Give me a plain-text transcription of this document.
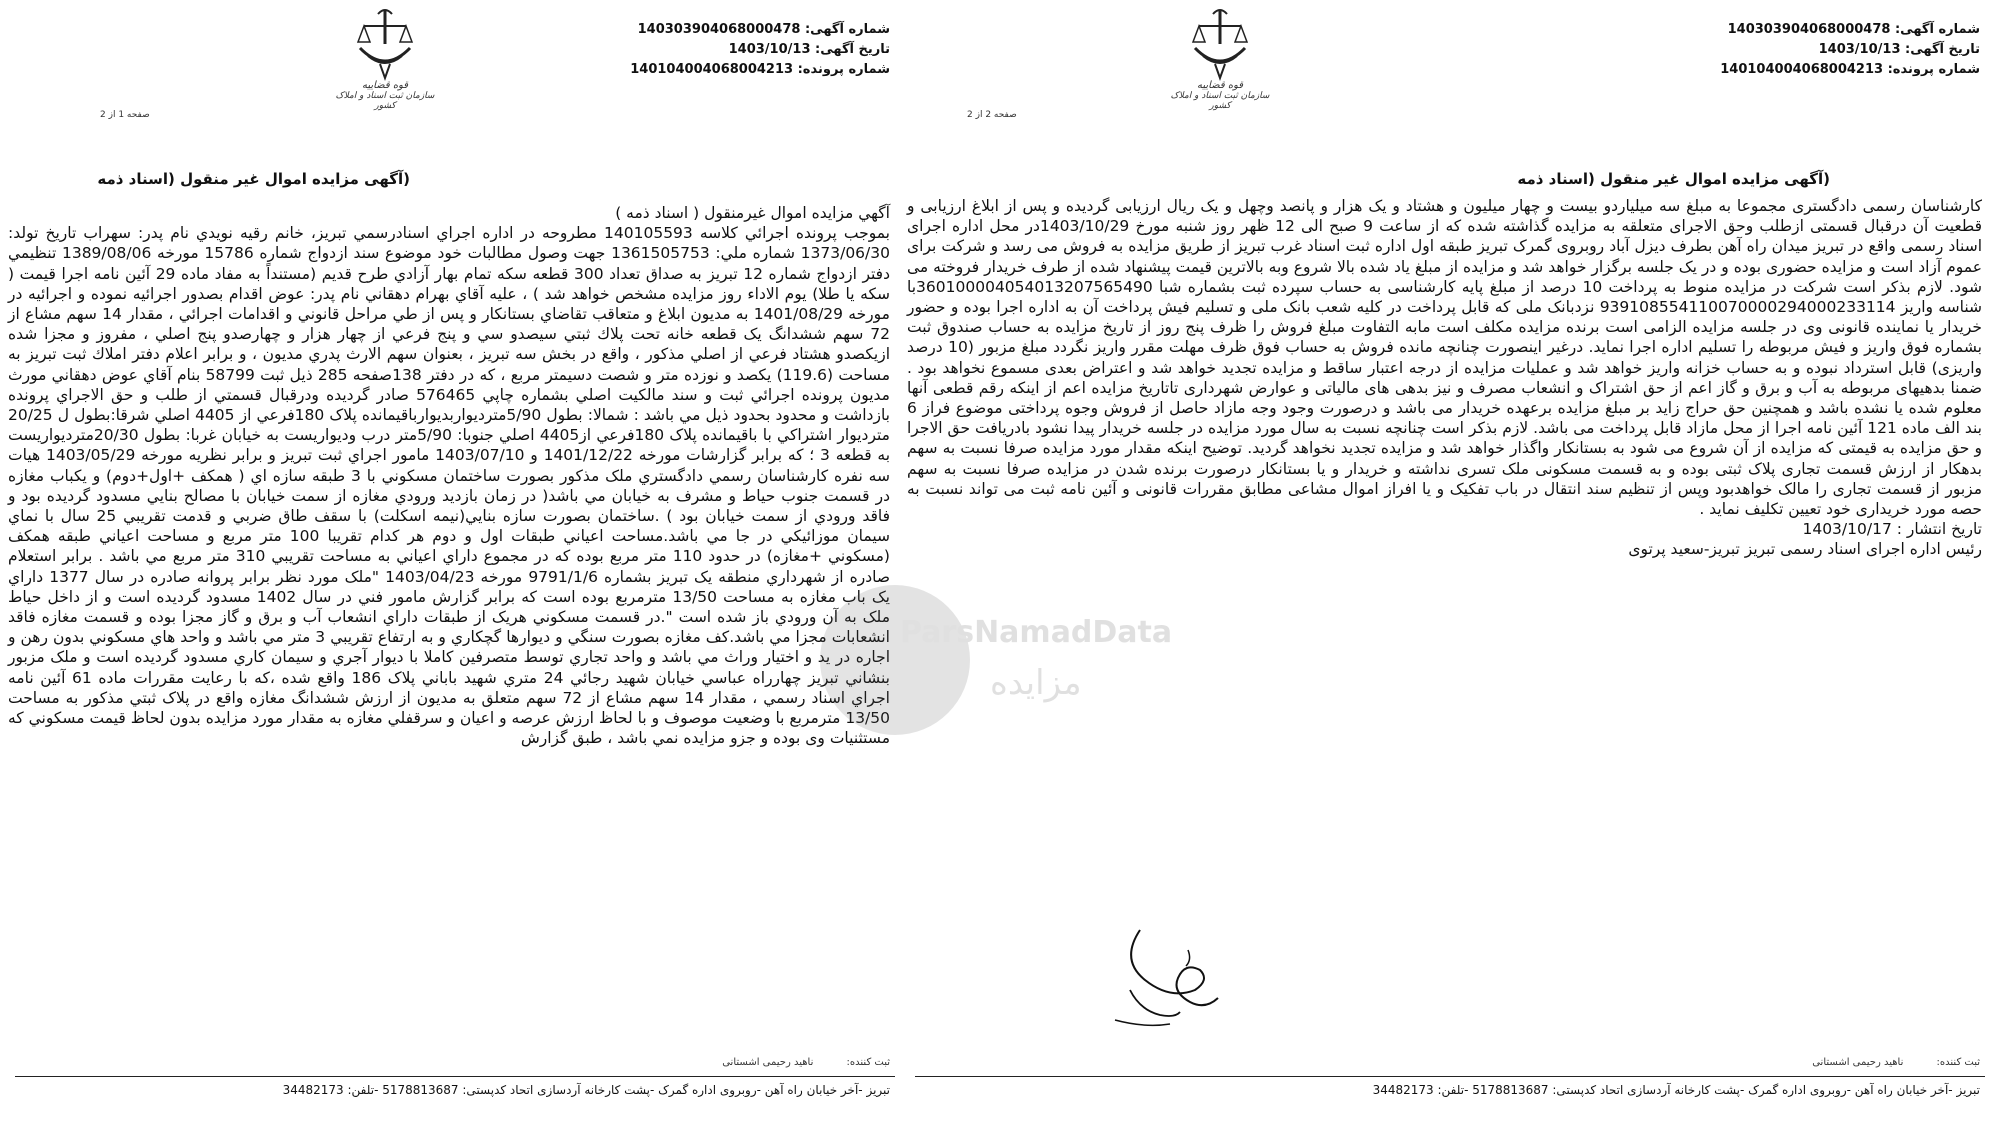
شماره آگهی: 140303904068000478
تاریخ آگهی: 1403/10/13
شماره پرونده: 140104004068004213
قوه قضاییه
سازمان ثبت اسناد و املاک کشور
صفحه 2 از 2
(آگهی مزایده اموال غیر منقول (اسناد ذمه

کارشناسان رسمی دادگستری مجموعا به مبلغ سه میلیاردو بیست و چهار میلیون و هشتاد و یک هزار و پانصد وچهل و یک ریال ارزیابی گردیده و پس از ابلاغ ارزیابی و قطعیت آن درقبال قسمتی ازطلب وحق الاجرای متعلقه به مزایده گذاشته شده که از ساعت 9 صبح الی 12 ظهر روز شنبه مورخ 1403/10/29در محل اداره اجرای اسناد رسمی واقع در تبریز میدان راه آهن بطرف دیزل آباد روبروی گمرک تبریز طبقه اول اداره ثبت اسناد غرب تبریز از طریق مزایده به فروش می رسد و شرکت برای عموم آزاد است و مزایده حضوری بوده و در یک جلسه برگزار خواهد شد و مزایده از مبلغ یاد شده بالا شروع وبه بالاترین قیمت پیشنهاد شده از طرف خریدار فروخته می شود. لازم بذکر است شرکت در مزایده منوط به پرداخت 10 درصد از مبلغ پایه کارشناسی به حساب سپرده ثبت بشماره شبا 360100004054013207565490با شناسه واریز 939108554110070000294000233114 نزدبانک ملی که قابل پرداخت در کلیه شعب بانک ملی و تسلیم فیش پرداخت آن به اداره اجرا بوده و حضور خریدار یا نماینده قانونی وی در جلسه مزایده الزامی است برنده مزایده مکلف است مابه التفاوت مبلغ فروش را ظرف پنج روز از تاریخ مزایده به حساب صندوق ثبت بشماره فوق واریز و فیش مربوطه را تسلیم اداره اجرا نماید. درغیر اینصورت چنانچه مانده فروش به حساب فوق ظرف مهلت مقرر واریز نگردد مبلغ مزبور (10 درصد واریزی) قابل استرداد نبوده و به حساب خزانه واریز خواهد شد و عملیات مزایده از درجه اعتبار ساقط و مزایده تجدید خواهد شد و اعتراض بعدی مسموع نخواهد بود . ضمنا بدهیهای مربوطه به آب و برق و گاز اعم از حق اشتراک و انشعاب مصرف و نیز بدهی های مالیاتی و عوارض شهرداری تاتاریخ مزایده اعم از اینکه رقم قطعی آنها معلوم شده یا نشده باشد و همچنین حق حراج زاید بر مبلغ مزایده برعهده خریدار می باشد و درصورت وجود وجه مازاد حاصل از فروش وجوه پرداختی موضوع فراز 6 بند الف ماده 121 آئین نامه اجرا از محل مازاد قابل پرداخت می باشد. لازم بذکر است چنانچه نسبت به سال مورد مزایده در جلسه خریدار پیدا نشود بادریافت حق الاجرا و حق مزایده به قیمتی که مزایده از آن شروع می شود به بستانکار واگذار خواهد شد و مزایده تجدید نخواهد گردید. توضیح اینکه مقدار مورد مزایده صرفا نسبت به سهم بدهکار از ارزش قسمت تجاری پلاک ثبتی بوده و به قسمت مسکونی ملک تسری نداشته و خریدار و یا بستانکار درصورت برنده شدن در مزایده صرفا نسبت به سهم مزبور از قسمت تجاری را مالک خواهدبود وپس از تنظیم سند انتقال در باب تفکیک و یا افراز اموال مشاعی مطابق مقررات قانونی و آئین نامه ثبت می تواند نسبت به حصه مورد خریداری خود تعیین تکلیف نماید .

تاریخ انتشار : 1403/10/17

رئیس اداره اجرای اسناد رسمی تبریز تبریز-سعید پرتوی

ثبت کننده: ناهید رحیمی اشستانی
تبریز -آخر خیابان راه آهن -روبروی اداره گمرک -پشت کارخانه آردسازی اتحاد کدپستی: 5178813687 -تلفن: 34482173
شماره آگهی: 140303904068000478
تاریخ آگهی: 1403/10/13
شماره پرونده: 140104004068004213
قوه قضاییه
سازمان ثبت اسناد و املاک کشور
صفحه 1 از 2
(آگهی مزایده اموال غیر منقول (اسناد ذمه

آگهي مزايده اموال غيرمنقول ( اسناد ذمه )

بموجب پرونده اجرائي كلاسه 140105593 مطروحه در اداره اجراي اسنادرسمي تبريز، خانم رقيه نويدي نام پدر: سهراب تاريخ تولد: 1373/06/30 شماره ملي: 1361505753 جهت وصول مطالبات خود موضوع سند ازدواج شماره 15786 مورخه 1389/08/06 تنظيمي دفتر ازدواج شماره 12 تبريز به صداق تعداد 300 قطعه سكه تمام بهار آزادي طرح قديم (مستنداً به مفاد ماده 29 آئين نامه اجرا قيمت ( سكه يا طلا) يوم الاداء روز مزايده مشخص خواهد شد ) ، عليه آقاي بهرام دهقاني نام پدر: عوض اقدام بصدور اجرائيه نموده و اجرائيه در مورخه 1401/08/29 به مديون ابلاغ و متعاقب تقاضاي بستانكار و پس از طي مراحل قانوني و اقدامات اجرائي ، مقدار 14 سهم مشاع از 72 سهم ششدانگ يک قطعه خانه تحت پلاك ثبتي سيصدو سي و پنج فرعي از چهار هزار و چهارصدو پنج اصلي ، مفروز و مجزا شده ازيكصدو هشتاد فرعي از اصلي مذكور ، واقع در بخش سه تبريز ، بعنوان سهم الارث پدري مديون ، و برابر اعلام دفتر املاك ثبت تبريز به مساحت (119.6) يكصد و نوزده متر و شصت دسيمتر مربع ، كه در دفتر 138صفحه 285 ذيل ثبت 58799 بنام آقاي عوض دهقاني مورث مديون پرونده اجرائي ثبت و سند مالكيت اصلي بشماره چاپي 576465 صادر گرديده ودرقبال قسمتي از طلب و حق الاجراي پرونده بازداشت و محدود بحدود ذيل مي باشد : شمالا: بطول 5/90متردیواربديوارباقيمانده پلاک 180فرعي از 4405 اصلي شرقا:بطول ل 20/25 متردیوار اشتراکي با باقيمانده پلاک 180فرعي از4405 اصلي جنوبا: 5/90متر درب وديواريست به خيابان غربا: بطول 20/30متردیواريست به قطعه 3 ؛ كه برابر گزارشات مورخه 1401/12/22 و 1403/07/10 مامور اجراي ثبت تبريز و برابر نظريه مورخه 1403/05/29 هيات سه نفره كارشناسان رسمي دادگستري ملک مذكور بصورت ساختمان مسكوني با 3 طبقه سازه اي ( همكف +اول+دوم) و يكباب مغازه در قسمت جنوب حياط و مشرف به خيابان مي باشد( در زمان بازديد ورودي مغازه از سمت خيابان با مصالح بنايي مسدود گرديده بود و فاقد ورودي از سمت خيابان بود ) .ساختمان بصورت سازه بنايي(نيمه اسكلت) با سقف طاق ضربي و قدمت تقريبي 25 سال با نماي سيمان موزائيكي در جا مي باشد.مساحت اعياني طبقات اول و دوم هر كدام تقريبا 100 متر مربع و مساحت اعياني طبقه همكف (مسكوني +مغازه) در حدود 110 متر مربع بوده كه در مجموع داراي اعياني به مساحت تقريبي 310 متر مربع مي باشد . برابر استعلام صادره از شهرداري منطقه يک تبريز بشماره 9791/1/6 مورخه 1403/04/23 "ملک مورد نظر برابر پروانه صادره در سال 1377 داراي يک باب مغازه به مساحت 13/50 مترمربع بوده است كه برابر گزارش مامور فني در سال 1402 مسدود گرديده است و از داخل حياط ملک به آن ورودي باز شده است ".در قسمت مسكوني هريک از طبقات داراي انشعاب آب و برق و گاز مجزا بوده و قسمت مغازه فاقد انشعابات مجزا مي باشد.كف مغازه بصورت سنگي و ديوارها گچكاري و به ارتفاع تقريبي 3 متر مي باشد و واحد هاي مسكوني بدون رهن و اجاره در يد و اختيار وراث مي باشد و واحد تجاري توسط متصرفين كاملا با ديوار آجري و سيمان كاري مسدود گرديده است و ملک مزبور بنشاني تبريز چهارراه عباسي خيابان شهيد رجائي 24 متري شهيد باباني پلاک 186 واقع شده ،كه با رعايت مقررات ماده 61 آئين نامه اجراي اسناد رسمي ، مقدار 14 سهم مشاع از 72 سهم متعلق به مديون از ارزش ششدانگ مغازه واقع در پلاک ثبتي مذكور به مساحت 13/50 مترمربع با وضعيت موصوف و با لحاظ ارزش عرصه و اعيان و سرقفلي مغازه به مقدار مورد مزايده بدون لحاظ قيمت مسكوني كه مستثنيات وی بوده و جزو مزايده نمي باشد ، طبق گزارش

ثبت کننده: ناهید رحیمی اشستانی
تبریز -آخر خیابان راه آهن -روبروی اداره گمرک -پشت کارخانه آردسازی اتحاد کدپستی: 5178813687 -تلفن: 34482173
ParsNamadData
مزایده
